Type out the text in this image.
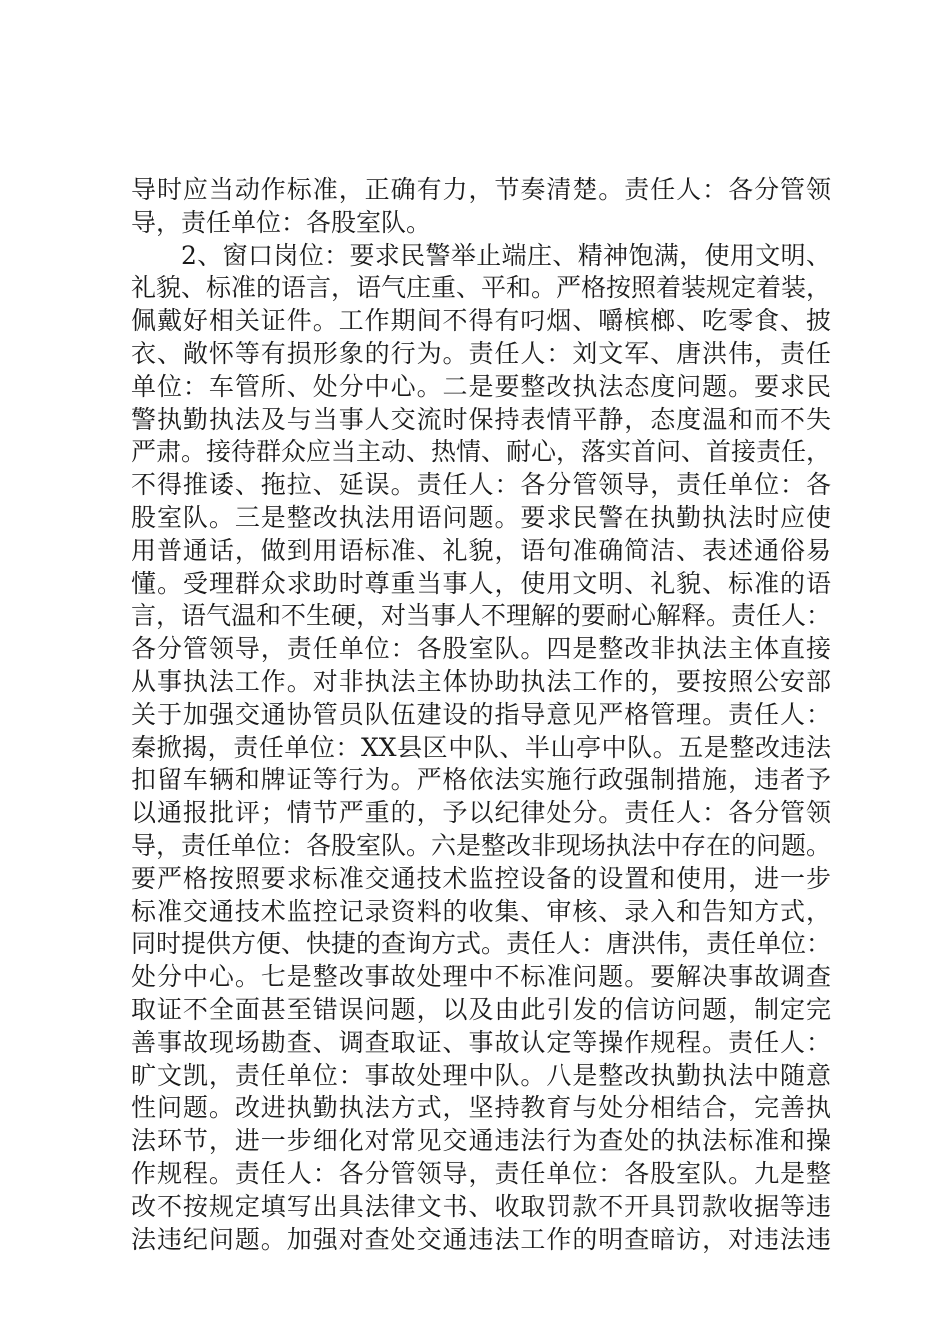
导时应当动作标准，正确有力，节奏清楚。责任人：各分管领
导，责任单位：各股室队。
2、窗口岗位：要求民警举止端庄、精神饱满，使用文明、
礼貌、标准的语言，语气庄重、平和。严格按照着装规定着装，
佩戴好相关证件。工作期间不得有叼烟、嚼槟榔、吃零食、披
衣、敞怀等有损形象的行为。责任人：刘文军、唐洪伟，责任
单位：车管所、处分中心。二是要整改执法态度问题。要求民
警执勤执法及与当事人交流时保持表情平静，态度温和而不失
严肃。接待群众应当主动、热情、耐心，落实首问、首接责任，
不得推诿、拖拉、延误。责任人：各分管领导，责任单位：各
股室队。三是整改执法用语问题。要求民警在执勤执法时应使
用普通话，做到用语标准、礼貌，语句准确简洁、表述通俗易
懂。受理群众求助时尊重当事人，使用文明、礼貌、标准的语
言，语气温和不生硬，对当事人不理解的要耐心解释。责任人：
各分管领导，责任单位：各股室队。四是整改非执法主体直接
从事执法工作。对非执法主体协助执法工作的，要按照公安部
关于加强交通协管员队伍建设的指导意见严格管理。责任人：
秦掀揭，责任单位：XX县区中队、半山亭中队。五是整改违法
扣留车辆和牌证等行为。严格依法实施行政强制措施，违者予
以通报批评；情节严重的，予以纪律处分。责任人：各分管领
导，责任单位：各股室队。六是整改非现场执法中存在的问题。
要严格按照要求标准交通技术监控设备的设置和使用，进一步
标准交通技术监控记录资料的收集、审核、录入和告知方式，
同时提供方便、快捷的查询方式。责任人：唐洪伟，责任单位：
处分中心。七是整改事故处理中不标准问题。要解决事故调查
取证不全面甚至错误问题，以及由此引发的信访问题，制定完
善事故现场勘查、调查取证、事故认定等操作规程。责任人：
旷文凯，责任单位：事故处理中队。八是整改执勤执法中随意
性问题。改进执勤执法方式，坚持教育与处分相结合，完善执
法环节，进一步细化对常见交通违法行为查处的执法标准和操
作规程。责任人：各分管领导，责任单位：各股室队。九是整
改不按规定填写出具法律文书、收取罚款不开具罚款收据等违
法违纪问题。加强对查处交通违法工作的明查暗访，对违法违
